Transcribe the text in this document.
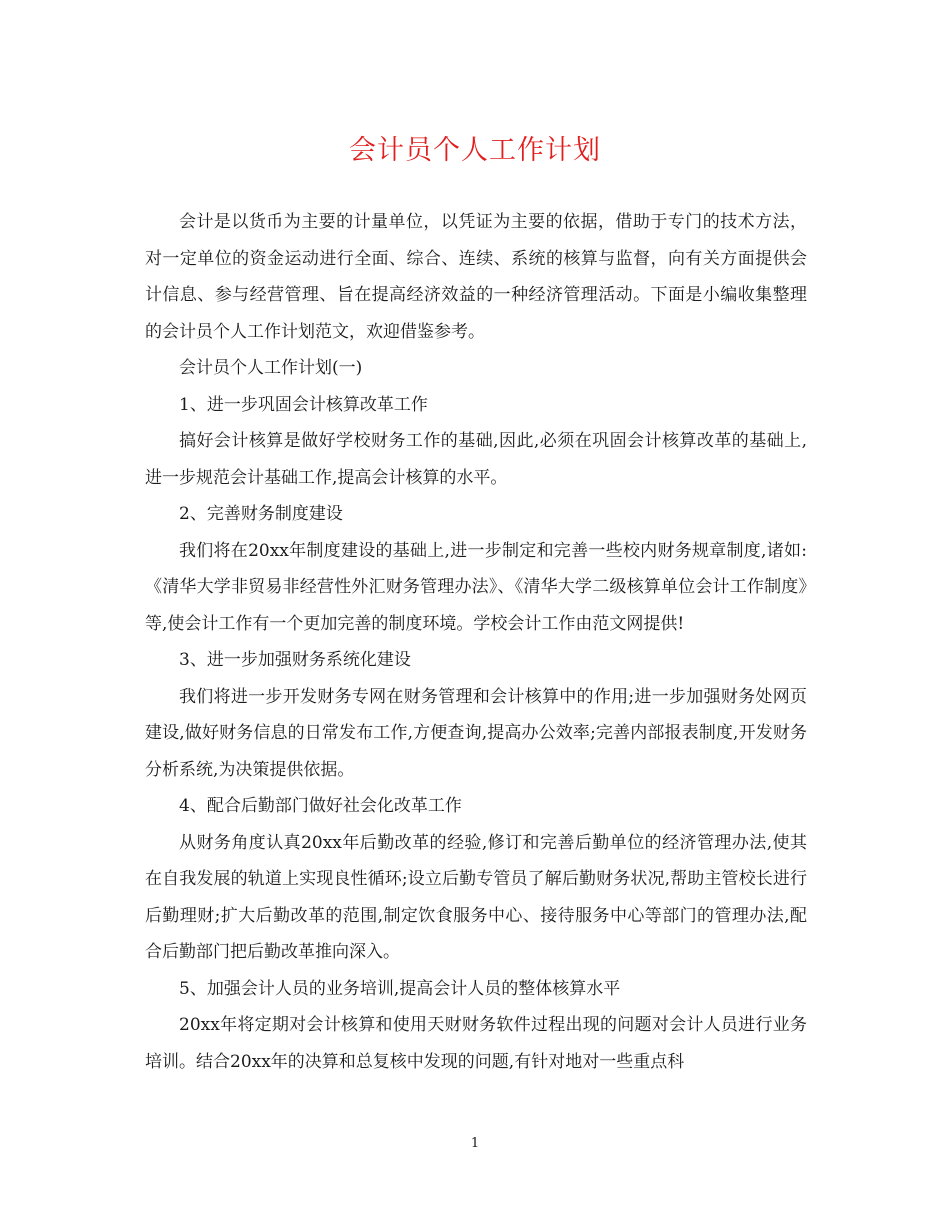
会计员个人工作计划

会计是以货币为主要的计量单位，以凭证为主要的依据，借助于专门的技术方法，对一定单位的资金运动进行全面、综合、连续、系统的核算与监督，向有关方面提供会计信息、参与经营管理、旨在提高经济效益的一种经济管理活动。下面是小编收集整理的会计员个人工作计划范文，欢迎借鉴参考。

会计员个人工作计划(一)

1、进一步巩固会计核算改革工作

搞好会计核算是做好学校财务工作的基础,因此,必须在巩固会计核算改革的基础上,进一步规范会计基础工作,提高会计核算的水平。

2、完善财务制度建设

我们将在20xx年制度建设的基础上,进一步制定和完善一些校内财务规章制度,诸如:《清华大学非贸易非经营性外汇财务管理办法》、《清华大学二级核算单位会计工作制度》等,使会计工作有一个更加完善的制度环境。学校会计工作由范文网提供!

3、进一步加强财务系统化建设

我们将进一步开发财务专网在财务管理和会计核算中的作用;进一步加强财务处网页建设,做好财务信息的日常发布工作,方便查询,提高办公效率;完善内部报表制度,开发财务分析系统,为决策提供依据。

4、配合后勤部门做好社会化改革工作

从财务角度认真20xx年后勤改革的经验,修订和完善后勤单位的经济管理办法,使其在自我发展的轨道上实现良性循环;设立后勤专管员了解后勤财务状况,帮助主管校长进行后勤理财;扩大后勤改革的范围,制定饮食服务中心、接待服务中心等部门的管理办法,配合后勤部门把后勤改革推向深入。

5、加强会计人员的业务培训,提高会计人员的整体核算水平

20xx年将定期对会计核算和使用天财财务软件过程出现的问题对会计人员进行业务培训。结合20xx年的决算和总复核中发现的问题,有针对地对一些重点科

1
